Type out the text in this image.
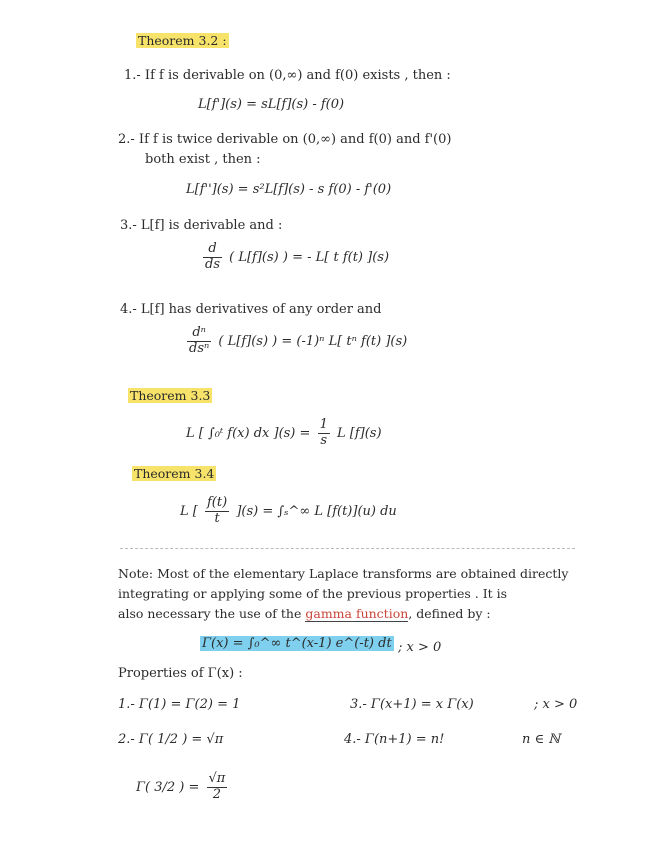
Theorem 3.2 :
1.- If f is derivable on (0,∞) and f(0) exists , then :
L[f'](s) = sL[f](s) - f(0)
2.- If f is twice derivable on (0,∞) and f(0) and f'(0)
both exist , then :
L[f''](s) = s²L[f](s) - s f(0) - f'(0)
3.- L[f] is derivable and :
$\frac{d}{ds}$ ( L[f](s) ) = - L[ t f(t) ](s)
4.- L[f] has derivatives of any order and
$\frac{\text{dⁿ}}{\text{dsⁿ}}$ ( L[f](s) ) = (-1)ⁿ L[ tⁿ f(t) ](s)
Theorem 3.3
L [ ∫₀ᵗ f(x) dx ]$(s) = \frac{1}{s}$ L [f](s)
Theorem 3.4
L [ $\frac{f(t)}{t} ](s)$ = ∫ₛ^∞ L [f(t)](u) du
Note: Most of the elementary Laplace transforms are obtained directly
integrating or applying some of the previous properties . It is
also necessary the use of the gamma function, defined by :
Γ(x) = ∫₀^∞ t^(x-1) e^(-t) dt ; x > 0
Properties of Γ(x) :
1.- Γ(1) = Γ(2) = 1	3.- Γ(x+1) = x Γ(x)	; x > 0
2.- Γ( 1/2 ) = √π	4.- Γ(n+1) = n!	n ∈ ℕ
Γ( 3/2 ) = $\frac{√\pi}{2}$
